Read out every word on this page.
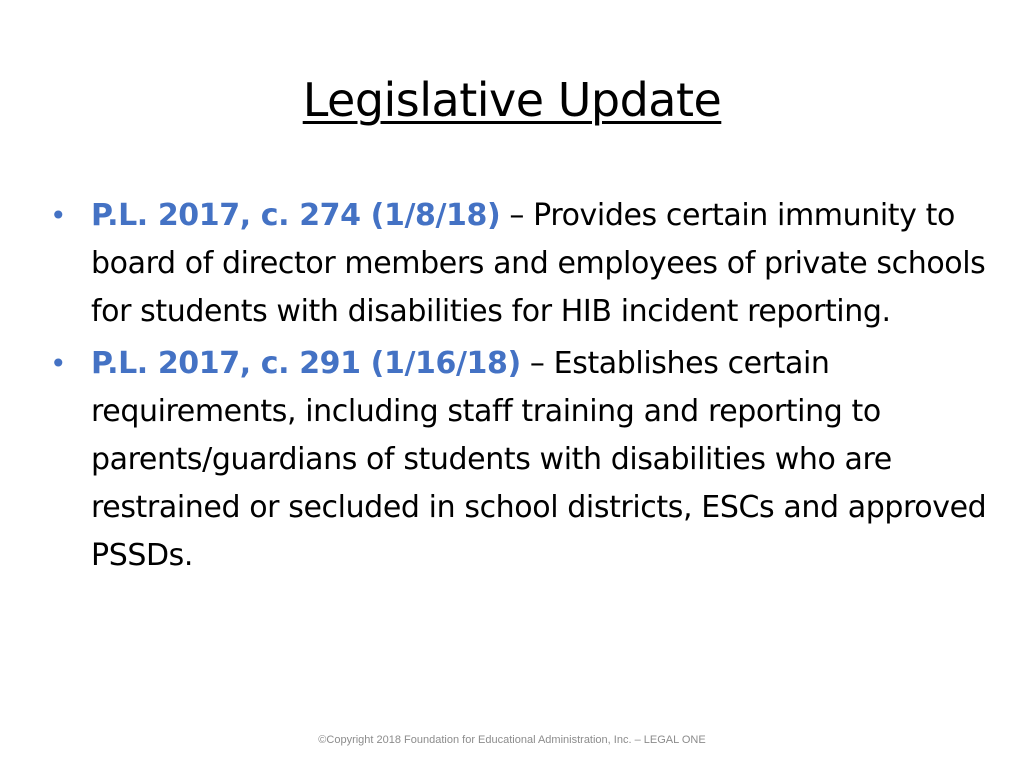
Legislative Update
• P.L. 2017, c. 274 (1/8/18) – Provides certain immunity to board of director members and employees of private schools for students with disabilities for HIB incident reporting.
• P.L. 2017, c. 291 (1/16/18) – Establishes certain requirements, including staff training and reporting to parents/guardians of students with disabilities who are restrained or secluded in school districts, ESCs and approved PSSDs.
©Copyright 2018 Foundation for Educational Administration, Inc. – LEGAL ONE
